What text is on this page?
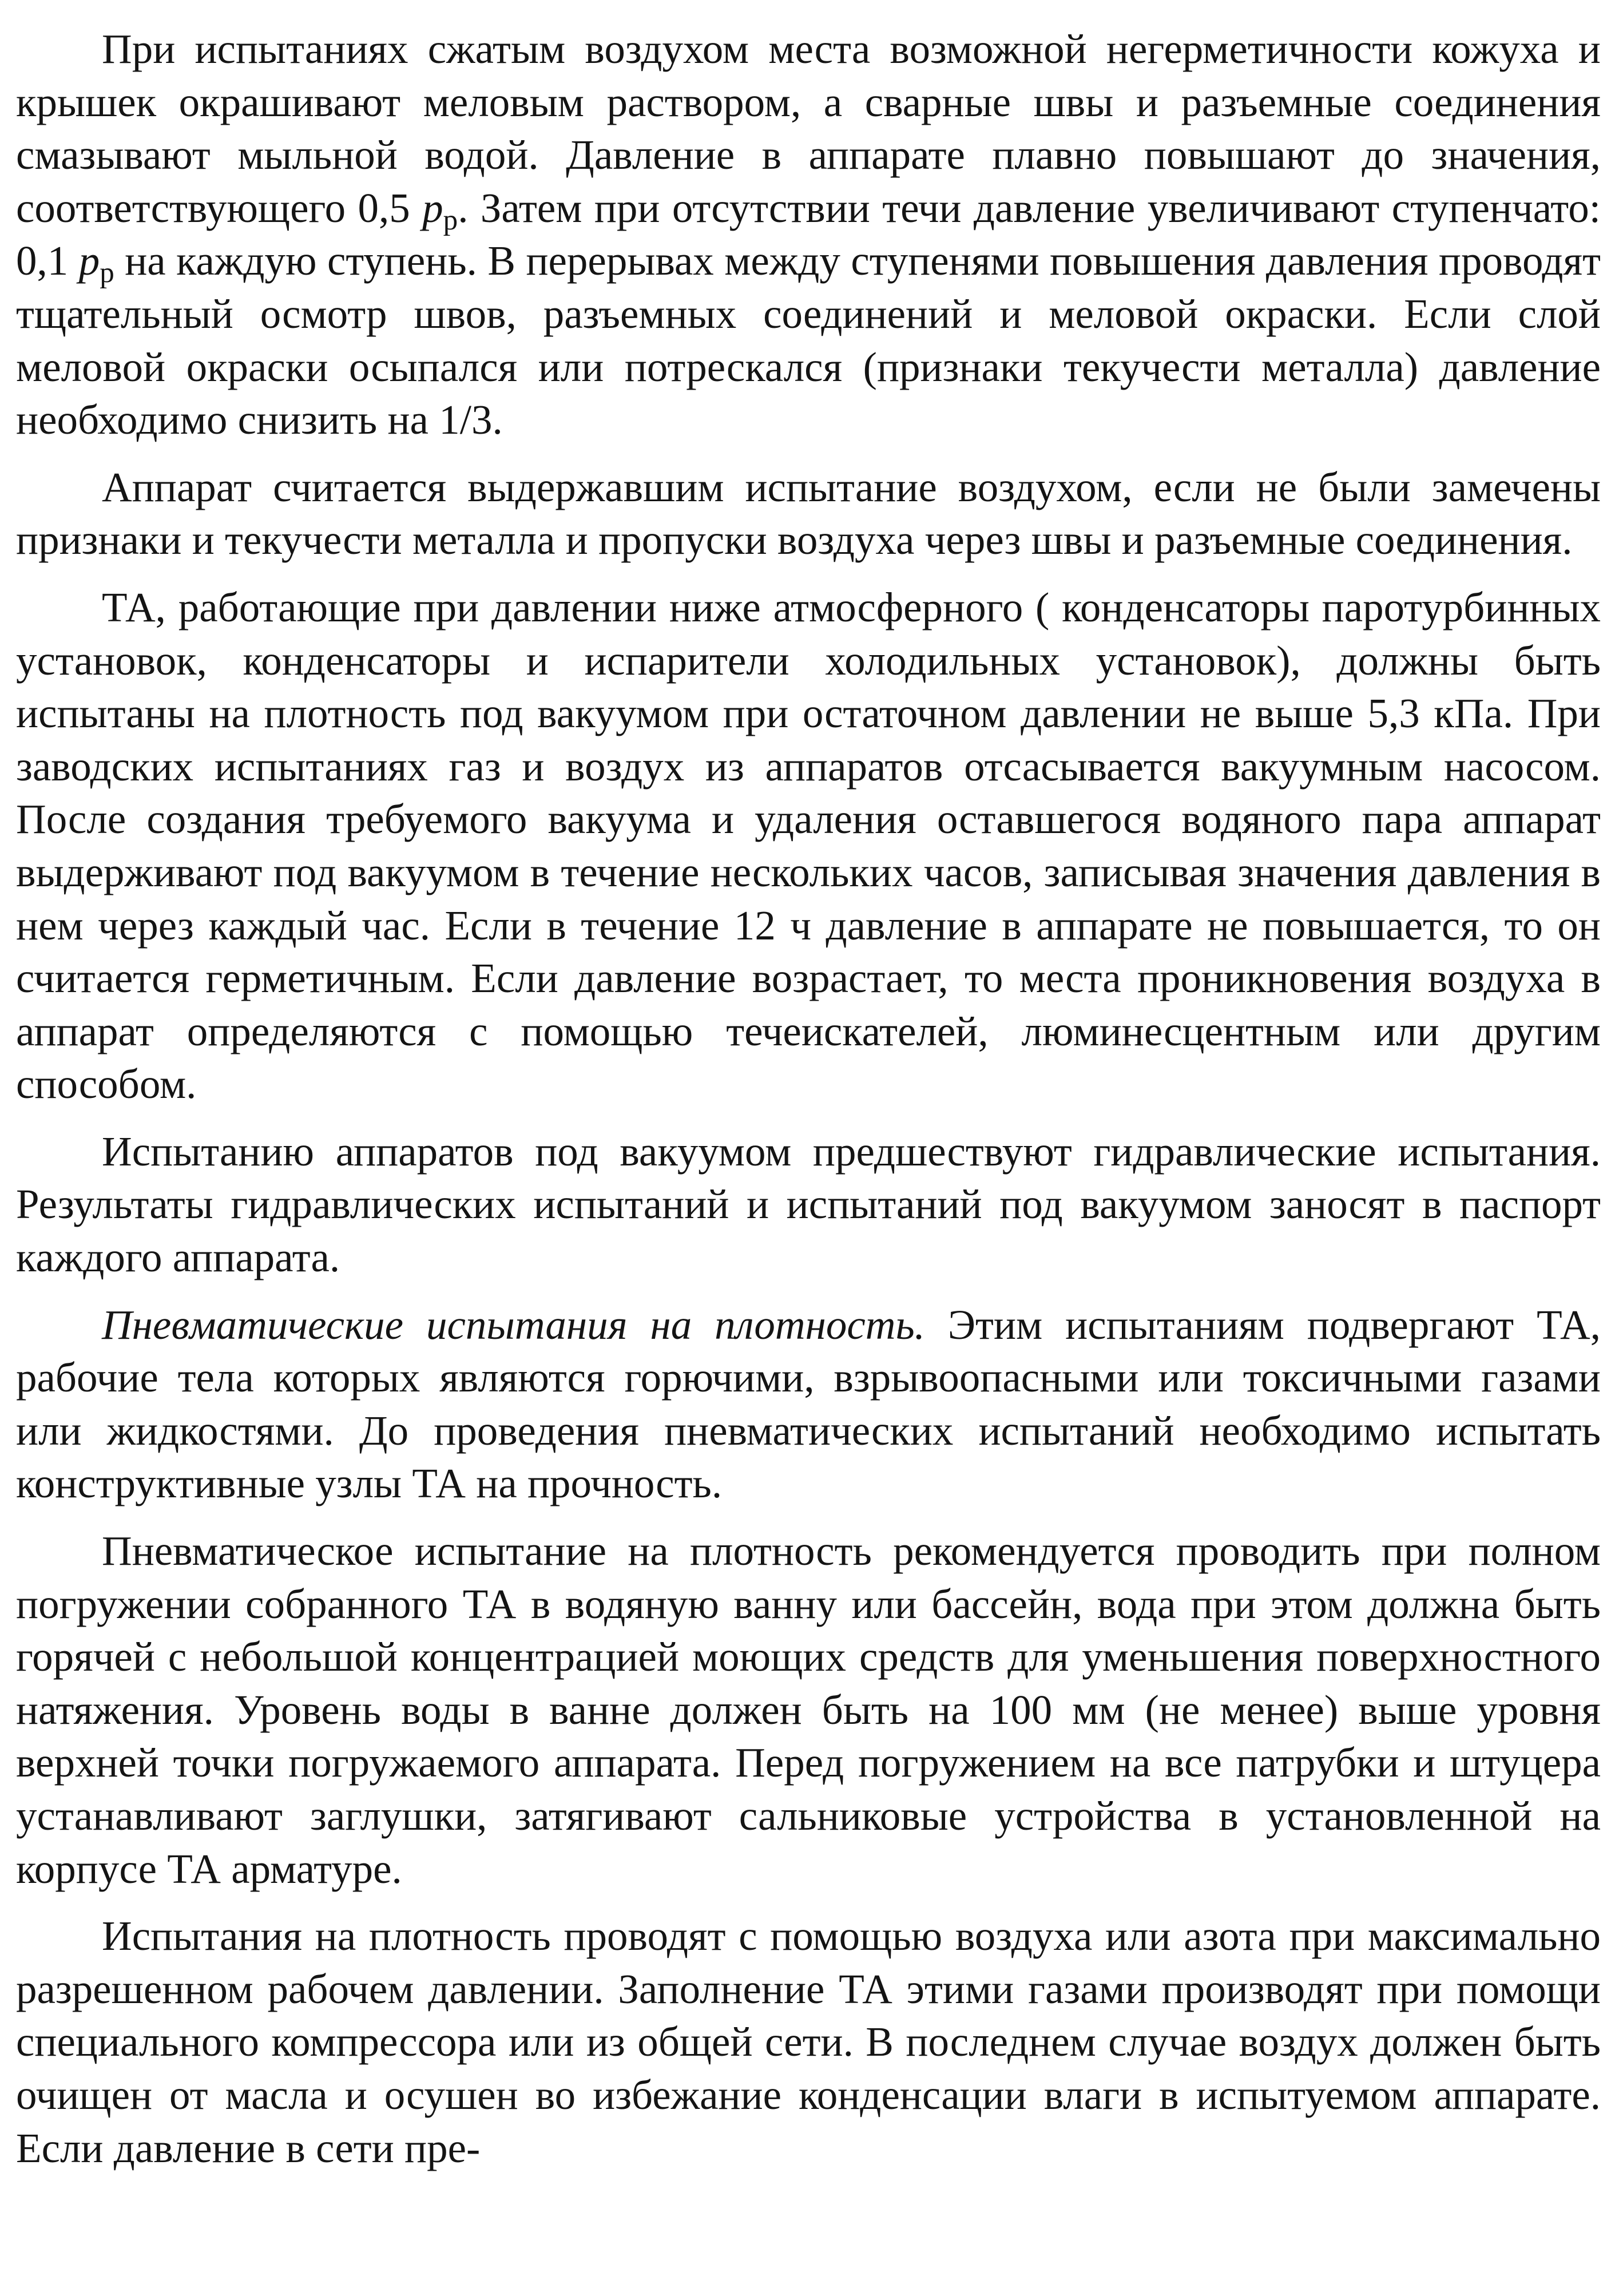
При испытаниях сжатым воздухом места возможной негерметичности кожуха и крышек окрашивают меловым раствором, а сварные швы и разъемные соединения смазывают мыльной водой. Давление в аппарате плавно повышают до значения, соответствующего 0,5 $p_р$. Затем при отсутствии течи давление увеличивают ступенчато: 0,1 $p_р$ на каждую ступень. В перерывах между ступенями повышения давления проводят тщательный осмотр швов, разъемных соединений и меловой окраски. Если слой меловой окраски осыпался или потрескался (признаки текучести металла) давление необходимо снизить на 1/3.

Аппарат считается выдержавшим испытание воздухом, если не были замечены признаки и текучести металла и пропуски воздуха через швы и разъемные соединения.

ТА, работающие при давлении ниже атмосферного ( конденсаторы паротурбинных установок, конденсаторы и испарители холодильных установок), должны быть испытаны на плотность под вакуумом при остаточном давлении не выше 5,3 кПа. При заводских испытаниях газ и воздух из аппаратов отсасывается вакуумным насосом. После создания требуемого вакуума и удаления оставшегося водяного пара аппарат выдерживают под вакуумом в течение нескольких часов, записывая значения давления в нем через каждый час. Если в течение 12 ч давление в аппарате не повышается, то он считается герметичным. Если давление возрастает, то места проникновения воздуха в аппарат определяются с помощью течеискателей, люминесцентным или другим способом.

Испытанию аппаратов под вакуумом предшествуют гидравлические испытания. Результаты гидравлических испытаний и испытаний под вакуумом заносят в паспорт каждого аппарата.

Пневматические испытания на плотность. Этим испытаниям подвергают ТА, рабочие тела которых являются горючими, взрывоопасными или токсичными газами или жидкостями. До проведения пневматических испытаний необходимо испытать конструктивные узлы ТА на прочность.

Пневматическое испытание на плотность рекомендуется проводить при полном погружении собранного ТА в водяную ванну или бассейн, вода при этом должна быть горячей с небольшой концентрацией моющих средств для уменьшения поверхностного натяжения. Уровень воды в ванне должен быть на 100 мм (не менее) выше уровня верхней точки погружаемого аппарата. Перед погружением на все патрубки и штуцера устанавливают заглушки, затягивают сальниковые устройства в установленной на корпусе ТА арматуре.

Испытания на плотность проводят с помощью воздуха или азота при максимально разрешенном рабочем давлении. Заполнение ТА этими газами производят при помощи специального компрессора или из общей сети. В последнем случае воздух должен быть очищен от масла и осушен во избежание конденсации влаги в испытуемом аппарате. Если давление в сети пре-
